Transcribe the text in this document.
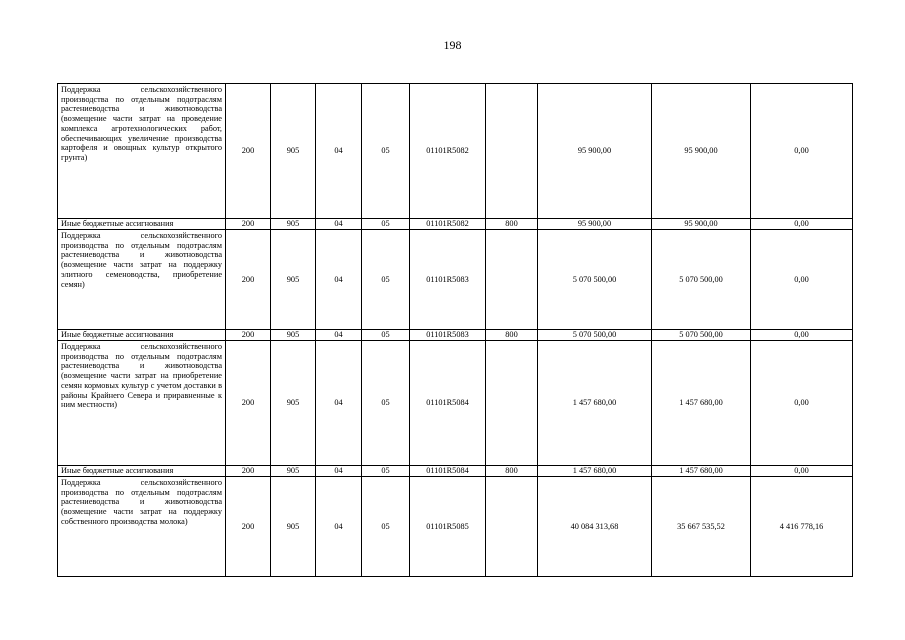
198
Поддержка сельскохозяйственного производства по отдельным подотраслям растениеводства и животноводства (возмещение части затрат на проведение комплекса агротехнологических работ, обеспечивающих увеличение производства картофеля и овощных культур открытого грунта)	200	905	04	05	01101R5082		95 900,00	95 900,00	0,00
Иные бюджетные ассигнования	200	905	04	05	01101R5082	800	95 900,00	95 900,00	0,00
Поддержка сельскохозяйственного производства по отдельным подотраслям растениеводства и животноводства (возмещение части затрат на поддержку элитного семеноводства, приобретение семян)	200	905	04	05	01101R5083		5 070 500,00	5 070 500,00	0,00
Иные бюджетные ассигнования	200	905	04	05	01101R5083	800	5 070 500,00	5 070 500,00	0,00
Поддержка сельскохозяйственного производства по отдельным подотраслям растениеводства и животноводства (возмещение части затрат на приобретение семян кормовых культур с учетом доставки в районы Крайнего Севера и приравненные к ним местности)	200	905	04	05	01101R5084		1 457 680,00	1 457 680,00	0,00
Иные бюджетные ассигнования	200	905	04	05	01101R5084	800	1 457 680,00	1 457 680,00	0,00
Поддержка сельскохозяйственного производства по отдельным подотраслям растениеводства и животноводства (возмещение части затрат на поддержку собственного производства молока)	200	905	04	05	01101R5085		40 084 313,68	35 667 535,52	4 416 778,16
